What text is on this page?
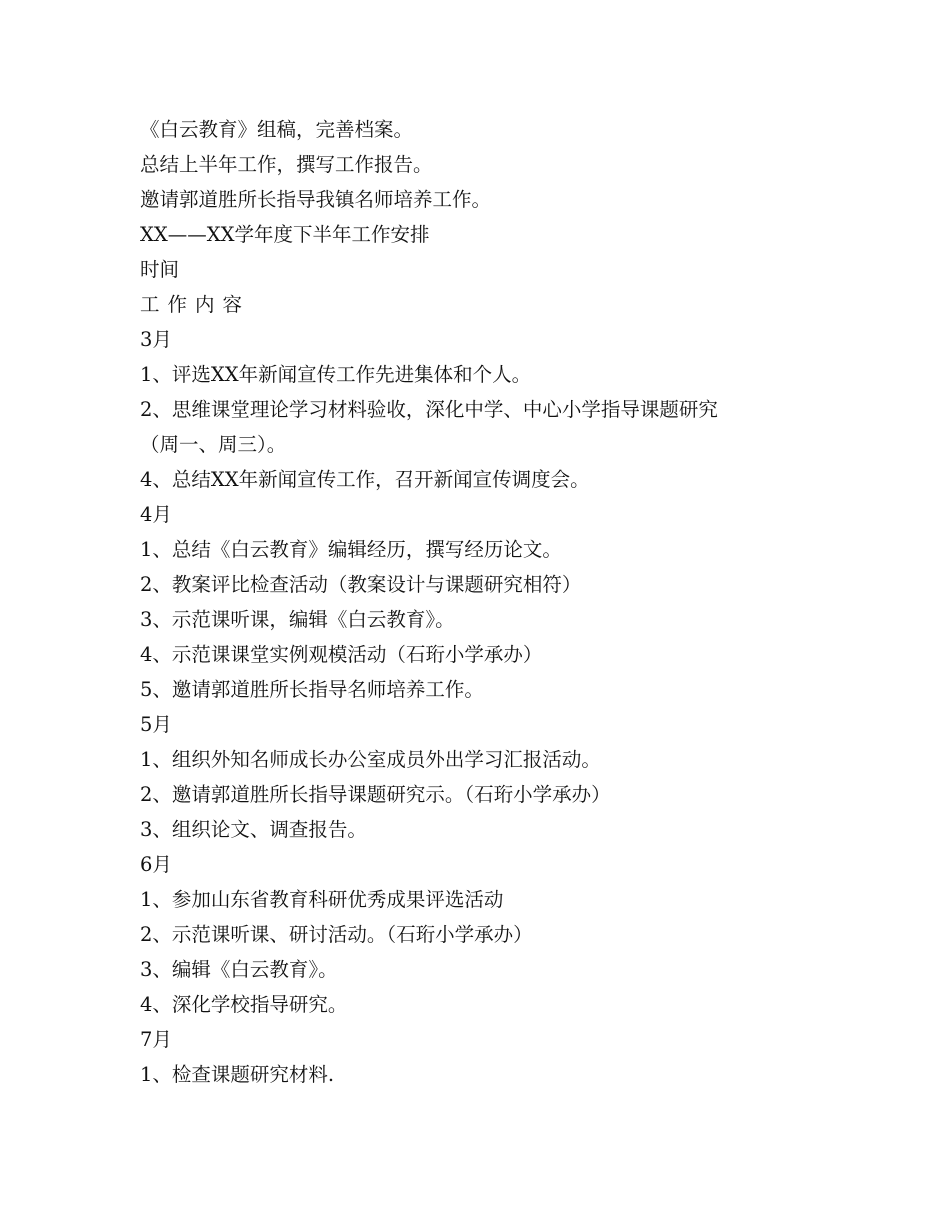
《白云教育》组稿，完善档案。
总结上半年工作，撰写工作报告。
邀请郭道胜所长指导我镇名师培养工作。
XX——XX学年度下半年工作安排
时间
工作内容
3月
1、评选XX年新闻宣传工作先进集体和个人。
2、思维课堂理论学习材料验收，深化中学、中心小学指导课题研究
（周一、周三）。
4、总结XX年新闻宣传工作，召开新闻宣传调度会。
4月
1、总结《白云教育》编辑经历，撰写经历论文。
2、教案评比检查活动（教案设计与课题研究相符）
3、示范课听课，编辑《白云教育》。
4、示范课课堂实例观模活动（石珩小学承办）
5、邀请郭道胜所长指导名师培养工作。
5月
1、组织外知名师成长办公室成员外出学习汇报活动。
2、邀请郭道胜所长指导课题研究示。（石珩小学承办）
3、组织论文、调查报告。
6月
1、参加山东省教育科研优秀成果评选活动
2、示范课听课、研讨活动。（石珩小学承办）
3、编辑《白云教育》。
4、深化学校指导研究。
7月
1、检查课题研究材料.
